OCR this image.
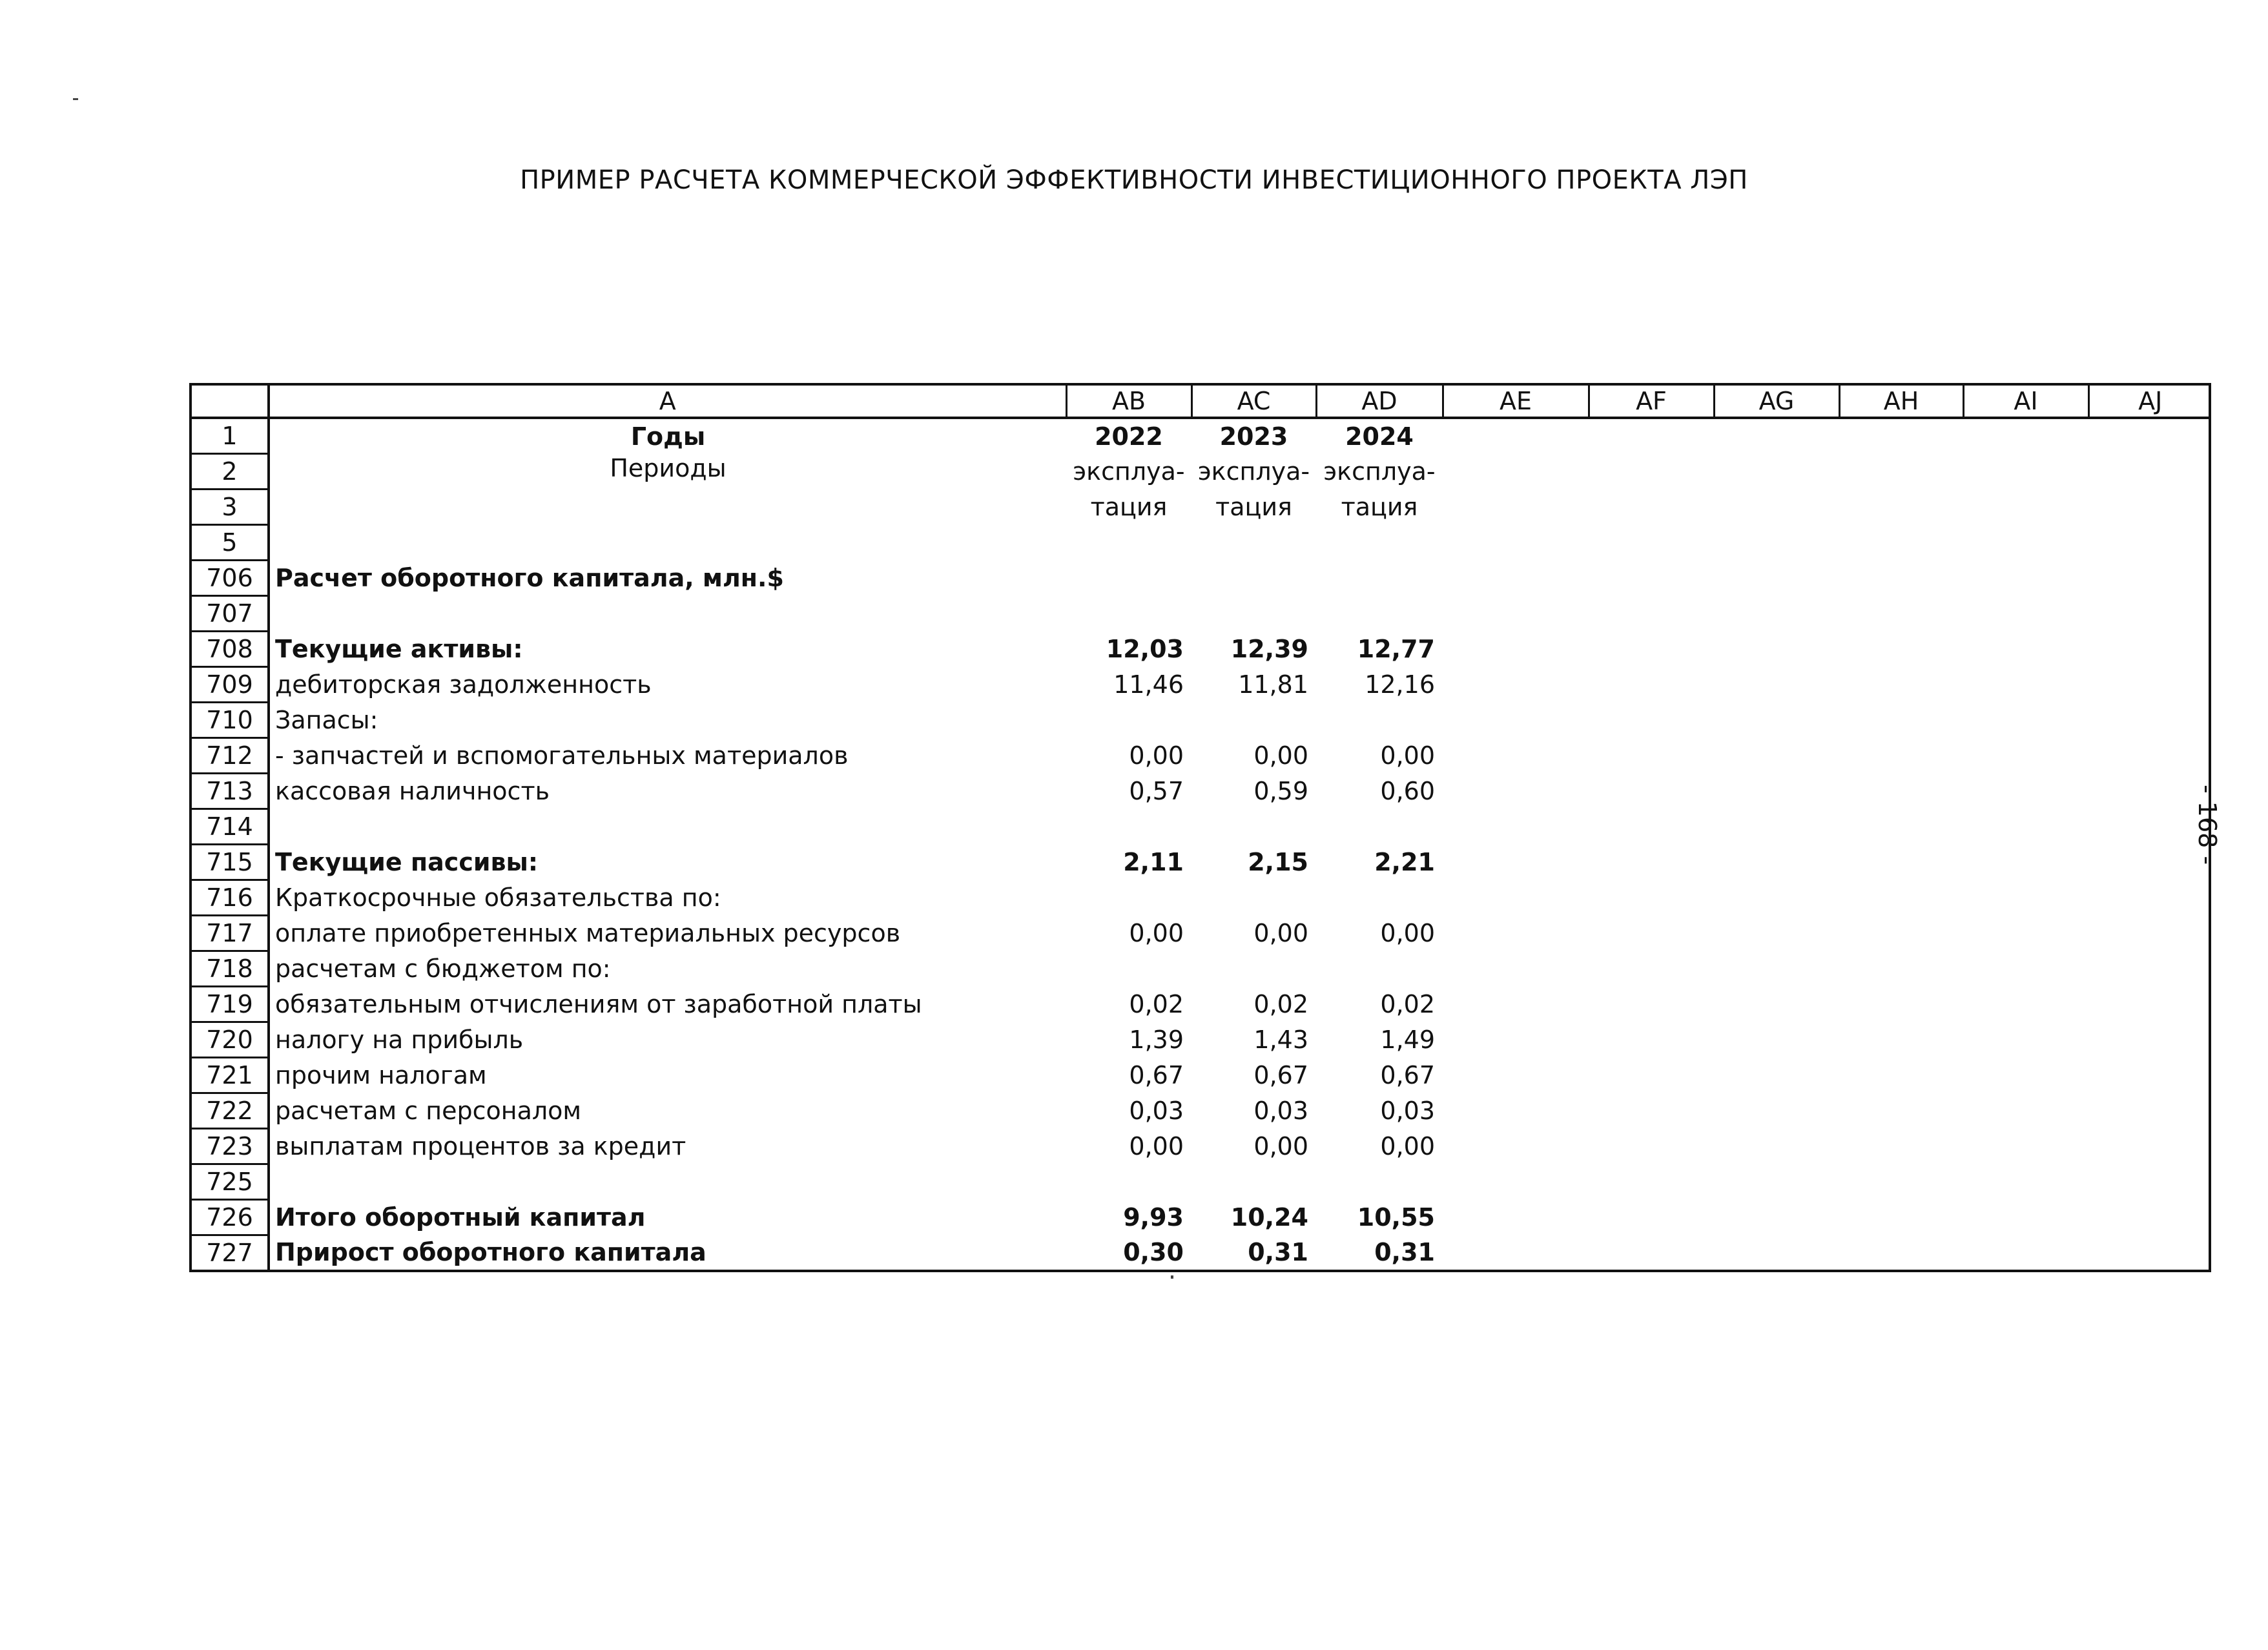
ПРИМЕР РАСЧЕТА КОММЕРЧЕСКОЙ ЭФФЕКТИВНОСТИ ИНВЕСТИЦИОННОГО ПРОЕКТА ЛЭП
- 168 -
	A	AB	AC	AD	AE	AF	AG	AH	AI	AJ
1	Годы	2022	2023	2024						
2	Периоды	эксплуа-	эксплуа-	эксплуа-						
3		тация	тация	тация						
5										
706	Расчет оборотного капитала, млн.$									
707										
708	Текущие активы:	12,03	12,39	12,77						
709	дебиторская задолженность	11,46	11,81	12,16						
710	Запасы:									
712	- запчастей и вспомогательных материалов	0,00	0,00	0,00						
713	кассовая наличность	0,57	0,59	0,60						
714										
715	Текущие пассивы:	2,11	2,15	2,21						
716	Краткосрочные обязательства по:									
717	оплате приобретенных материальных ресурсов	0,00	0,00	0,00						
718	расчетам с бюджетом по:									
719	обязательным отчислениям от заработной платы	0,02	0,02	0,02						
720	налогу на прибыль	1,39	1,43	1,49						
721	прочим налогам	0,67	0,67	0,67						
722	расчетам с персоналом	0,03	0,03	0,03						
723	выплатам процентов за кредит	0,00	0,00	0,00						
725										
726	Итого оборотный капитал	9,93	10,24	10,55						
727	Прирост оборотного капитала	0,30	0,31	0,31						
